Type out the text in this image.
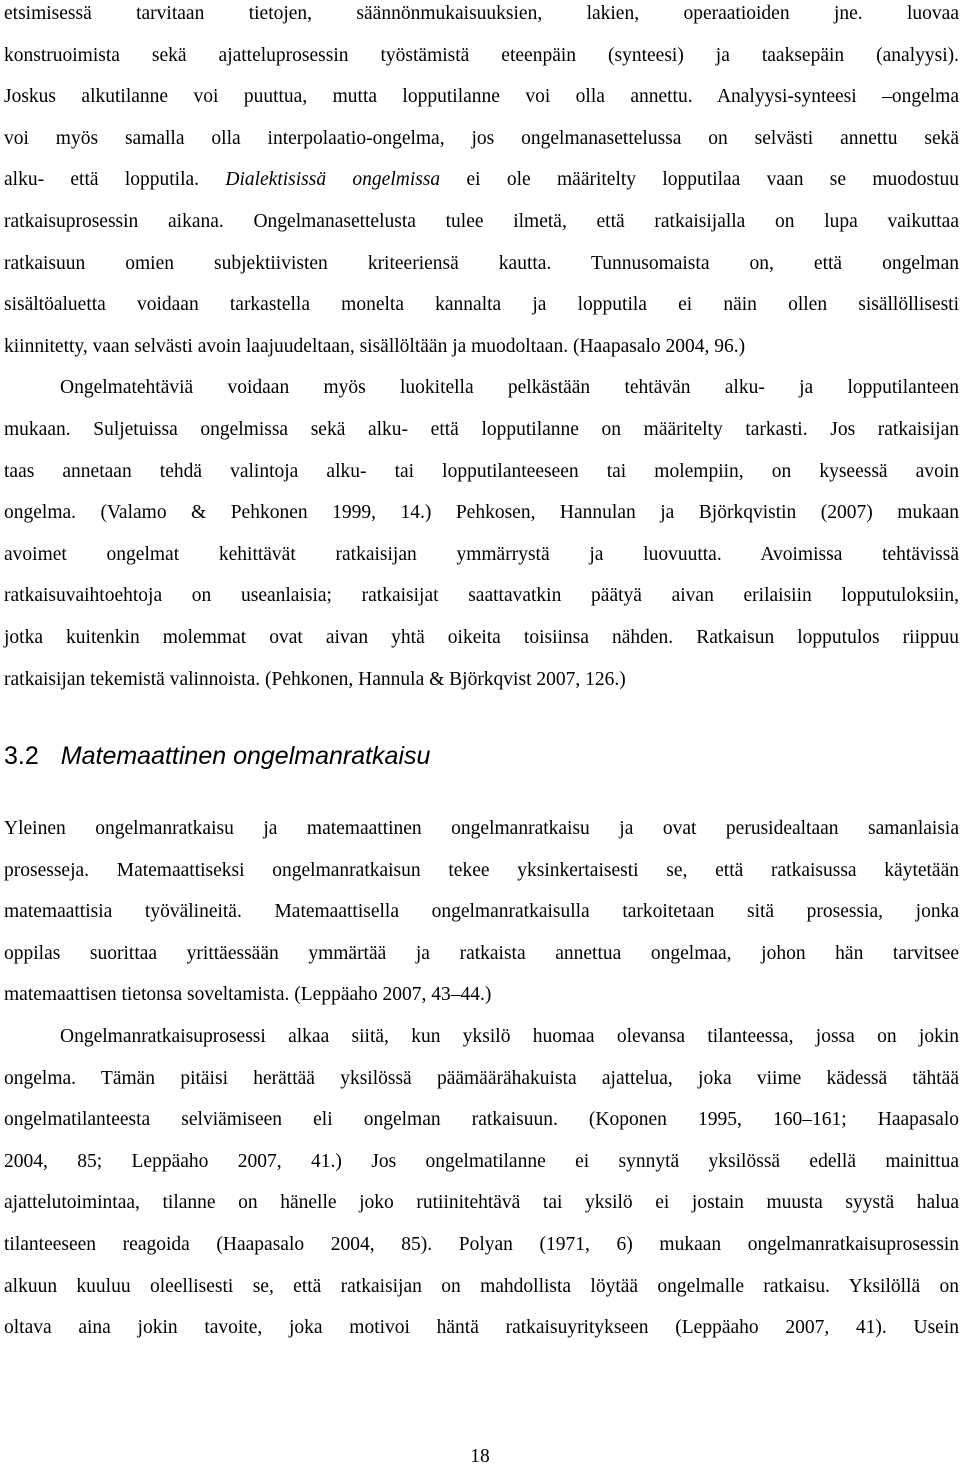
etsimisessä tarvitaan tietojen, säännönmukaisuuksien, lakien, operaatioiden jne. luovaa
konstruoimista sekä ajatteluprosessin työstämistä eteenpäin (synteesi) ja taaksepäin (analyysi).
Joskus alkutilanne voi puuttua, mutta lopputilanne voi olla annettu. Analyysi-synteesi –ongelma
voi myös samalla olla interpolaatio-ongelma, jos ongelmanasettelussa on selvästi annettu sekä
alku- että lopputila. Dialektisissä ongelmissa ei ole määritelty lopputilaa vaan se muodostuu
ratkaisuprosessin aikana. Ongelmanasettelusta tulee ilmetä, että ratkaisijalla on lupa vaikuttaa
ratkaisuun omien subjektiivisten kriteeriensä kautta. Tunnusomaista on, että ongelman
sisältöaluetta voidaan tarkastella monelta kannalta ja lopputila ei näin ollen sisällöllisesti
kiinnitetty, vaan selvästi avoin laajuudeltaan, sisällöltään ja muodoltaan. (Haapasalo 2004, 96.)
Ongelmatehtäviä voidaan myös luokitella pelkästään tehtävän alku- ja lopputilanteen
mukaan. Suljetuissa ongelmissa sekä alku- että lopputilanne on määritelty tarkasti. Jos ratkaisijan
taas annetaan tehdä valintoja alku- tai lopputilanteeseen tai molempiin, on kyseessä avoin
ongelma. (Valamo & Pehkonen 1999, 14.) Pehkosen, Hannulan ja Björkqvistin (2007) mukaan
avoimet ongelmat kehittävät ratkaisijan ymmärrystä ja luovuutta. Avoimissa tehtävissä
ratkaisuvaihtoehtoja on useanlaisia; ratkaisijat saattavatkin päätyä aivan erilaisiin lopputuloksiin,
jotka kuitenkin molemmat ovat aivan yhtä oikeita toisiinsa nähden. Ratkaisun lopputulos riippuu
ratkaisijan tekemistä valinnoista. (Pehkonen, Hannula & Björkqvist 2007, 126.)
3.2 Matemaattinen ongelmanratkaisu
Yleinen ongelmanratkaisu ja matemaattinen ongelmanratkaisu ja ovat perusidealtaan samanlaisia
prosesseja. Matemaattiseksi ongelmanratkaisun tekee yksinkertaisesti se, että ratkaisussa käytetään
matemaattisia työvälineitä. Matemaattisella ongelmanratkaisulla tarkoitetaan sitä prosessia, jonka
oppilas suorittaa yrittäessään ymmärtää ja ratkaista annettua ongelmaa, johon hän tarvitsee
matemaattisen tietonsa soveltamista. (Leppäaho 2007, 43–44.)
Ongelmanratkaisuprosessi alkaa siitä, kun yksilö huomaa olevansa tilanteessa, jossa on jokin
ongelma. Tämän pitäisi herättää yksilössä päämäärähakuista ajattelua, joka viime kädessä tähtää
ongelmatilanteesta selviämiseen eli ongelman ratkaisuun. (Koponen 1995, 160–161; Haapasalo
2004, 85; Leppäaho 2007, 41.) Jos ongelmatilanne ei synnytä yksilössä edellä mainittua
ajattelutoimintaa, tilanne on hänelle joko rutiinitehtävä tai yksilö ei jostain muusta syystä halua
tilanteeseen reagoida (Haapasalo 2004, 85). Polyan (1971, 6) mukaan ongelmanratkaisuprosessin
alkuun kuuluu oleellisesti se, että ratkaisijan on mahdollista löytää ongelmalle ratkaisu. Yksilöllä on
oltava aina jokin tavoite, joka motivoi häntä ratkaisuyritykseen (Leppäaho 2007, 41). Usein
18
